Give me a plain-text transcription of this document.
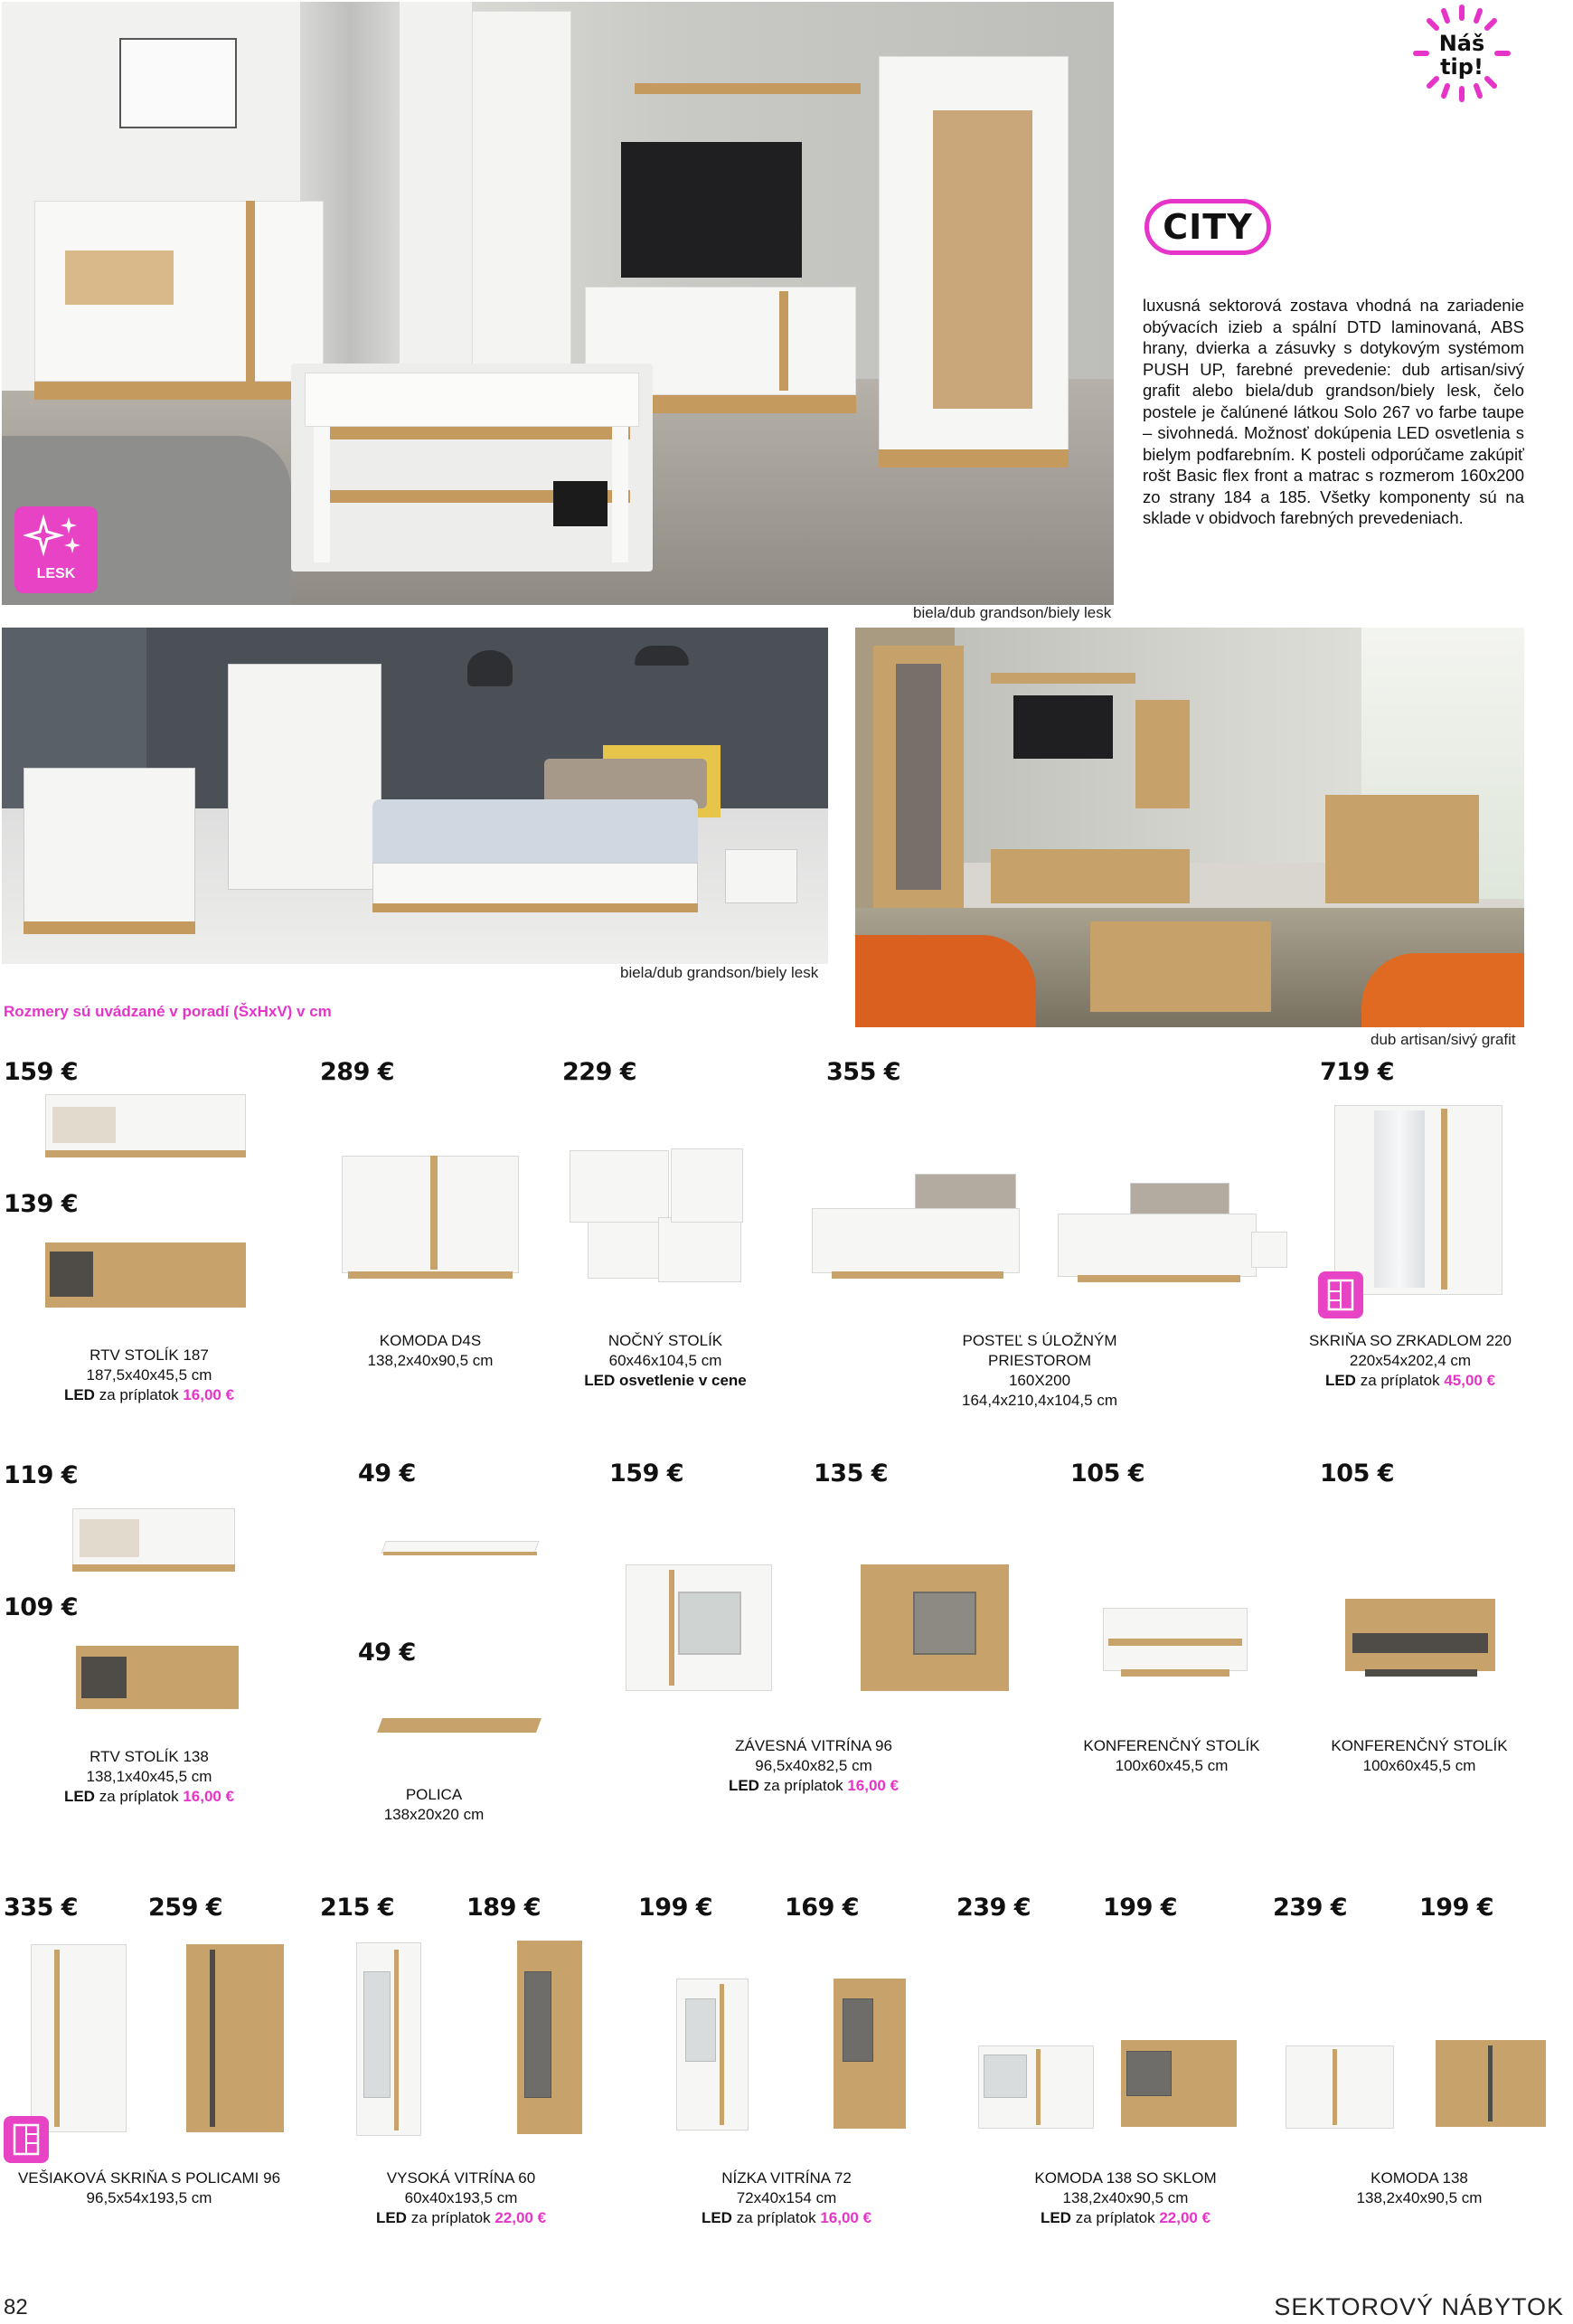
LESK
biela/dub grandson/biely lesk
Náš
tip!
CITY
luxusná sektorová zostava vhodná na zariadenie obývacích izieb a spální DTD laminovaná, ABS hrany, dvierka a zásuvky s dotykovým systémom PUSH UP, farebné prevedenie: dub artisan/sivý grafit alebo biela/dub grandson/biely lesk, čelo postele je čalúnené látkou Solo 267 vo farbe taupe – sivohnedá. Možnosť dokúpenia LED osvetlenia s bielym podfarebním. K posteli odporúčame zakúpiť rošt Basic flex front a matrac s rozmerom 160x200 zo strany 184 a 185. Všetky komponenty sú na sklade v obidvoch farebných prevedeniach.
biela/dub grandson/biely lesk
Rozmery sú uvádzané v poradí (ŠxHxV) v cm
dub artisan/sivý grafit
159 €
139 €
RTV STOLÍK 187
187,5x40x45,5 cm
LED za príplatok 16,00 €
289 €
KOMODA D4S
138,2x40x90,5 cm
229 €
NOČNÝ STOLÍK
60x46x104,5 cm
LED osvetlenie v cene
355 €
POSTEĽ S ÚLOŽNÝM PRIESTOROM
160X200
164,4x210,4x104,5 cm
719 €
SKRIŇA SO ZRKADLOM 220
220x54x202,4 cm
LED za príplatok 45,00 €
119 €
109 €
RTV STOLÍK 138
138,1x40x45,5 cm
LED za príplatok 16,00 €
49 €
49 €
POLICA
138x20x20 cm
159 €	135 €
ZÁVESNÁ VITRÍNA 96
96,5x40x82,5 cm
LED za príplatok 16,00 €
105 €	105 €
KONFERENČNÝ STOLÍK
100x60x45,5 cm
KONFERENČNÝ STOLÍK
100x60x45,5 cm
335 €	259 €
VEŠIAKOVÁ SKRIŇA S POLICAMI 96
96,5x54x193,5 cm
215 €	189 €
VYSOKÁ VITRÍNA 60
60x40x193,5 cm
LED za príplatok 22,00 €
199 €	169 €
NÍZKA VITRÍNA 72
72x40x154 cm
LED za príplatok 16,00 €
239 €	199 €
KOMODA 138 SO SKLOM
138,2x40x90,5 cm
LED za príplatok 22,00 €
239 €	199 €
KOMODA 138
138,2x40x90,5 cm
82	SEKTOROVÝ NÁBYTOK
